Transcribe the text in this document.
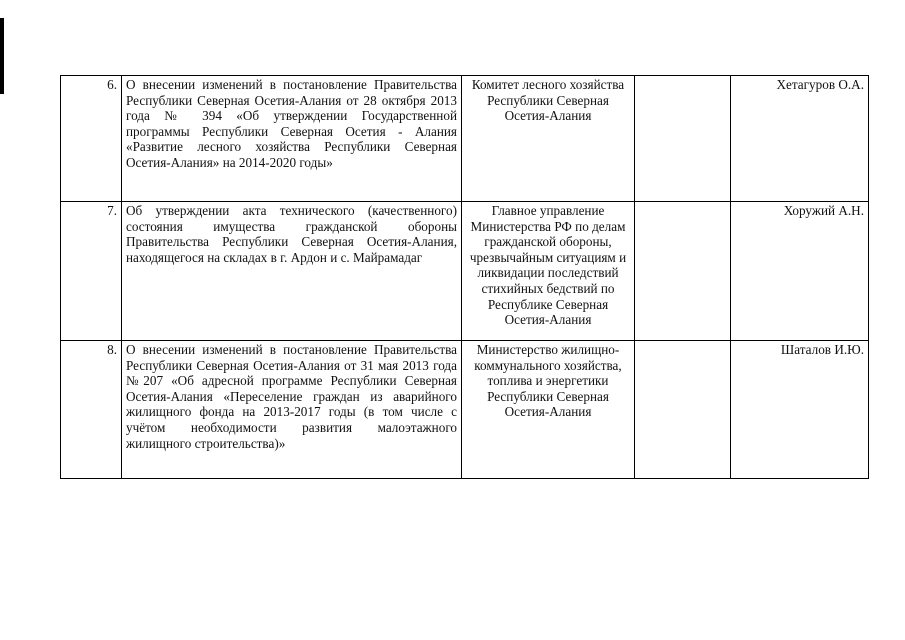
6.	О внесении изменений в постановление Правительства Республики Северная Осетия-Алания от 28 октября 2013 года № 394 «Об утверждении Государственной программы Республики Северная Осетия - Алания «Развитие лесного хозяйства Республики Северная Осетия-Алания» на 2014-2020 годы»	Комитет лесного хозяйства Республики Северная Осетия-Алания		Хетагуров О.А.
7.	Об утверждении акта технического (качественного) состояния имущества гражданской обороны Правительства Республики Северная Осетия-Алания, находящегося на складах в г. Ардон и с. Майрамадаг	Главное управление Министерства РФ по делам гражданской обороны, чрезвычайным ситуациям и ликвидации последствий стихийных бедствий по Республике Северная Осетия-Алания		Хоружий А.Н.
8.	О внесении изменений в постановление Правительства Республики Северная Осетия-Алания от 31 мая 2013 года №207 «Об адресной программе Республики Северная Осетия-Алания «Переселение граждан из аварийного жилищного фонда на 2013-2017 годы (в том числе с учётом необходимости развития малоэтажного жилищного строительства)»	Министерство жилищно-коммунального хозяйства, топлива и энергетики Республики Северная Осетия-Алания		Шаталов И.Ю.
